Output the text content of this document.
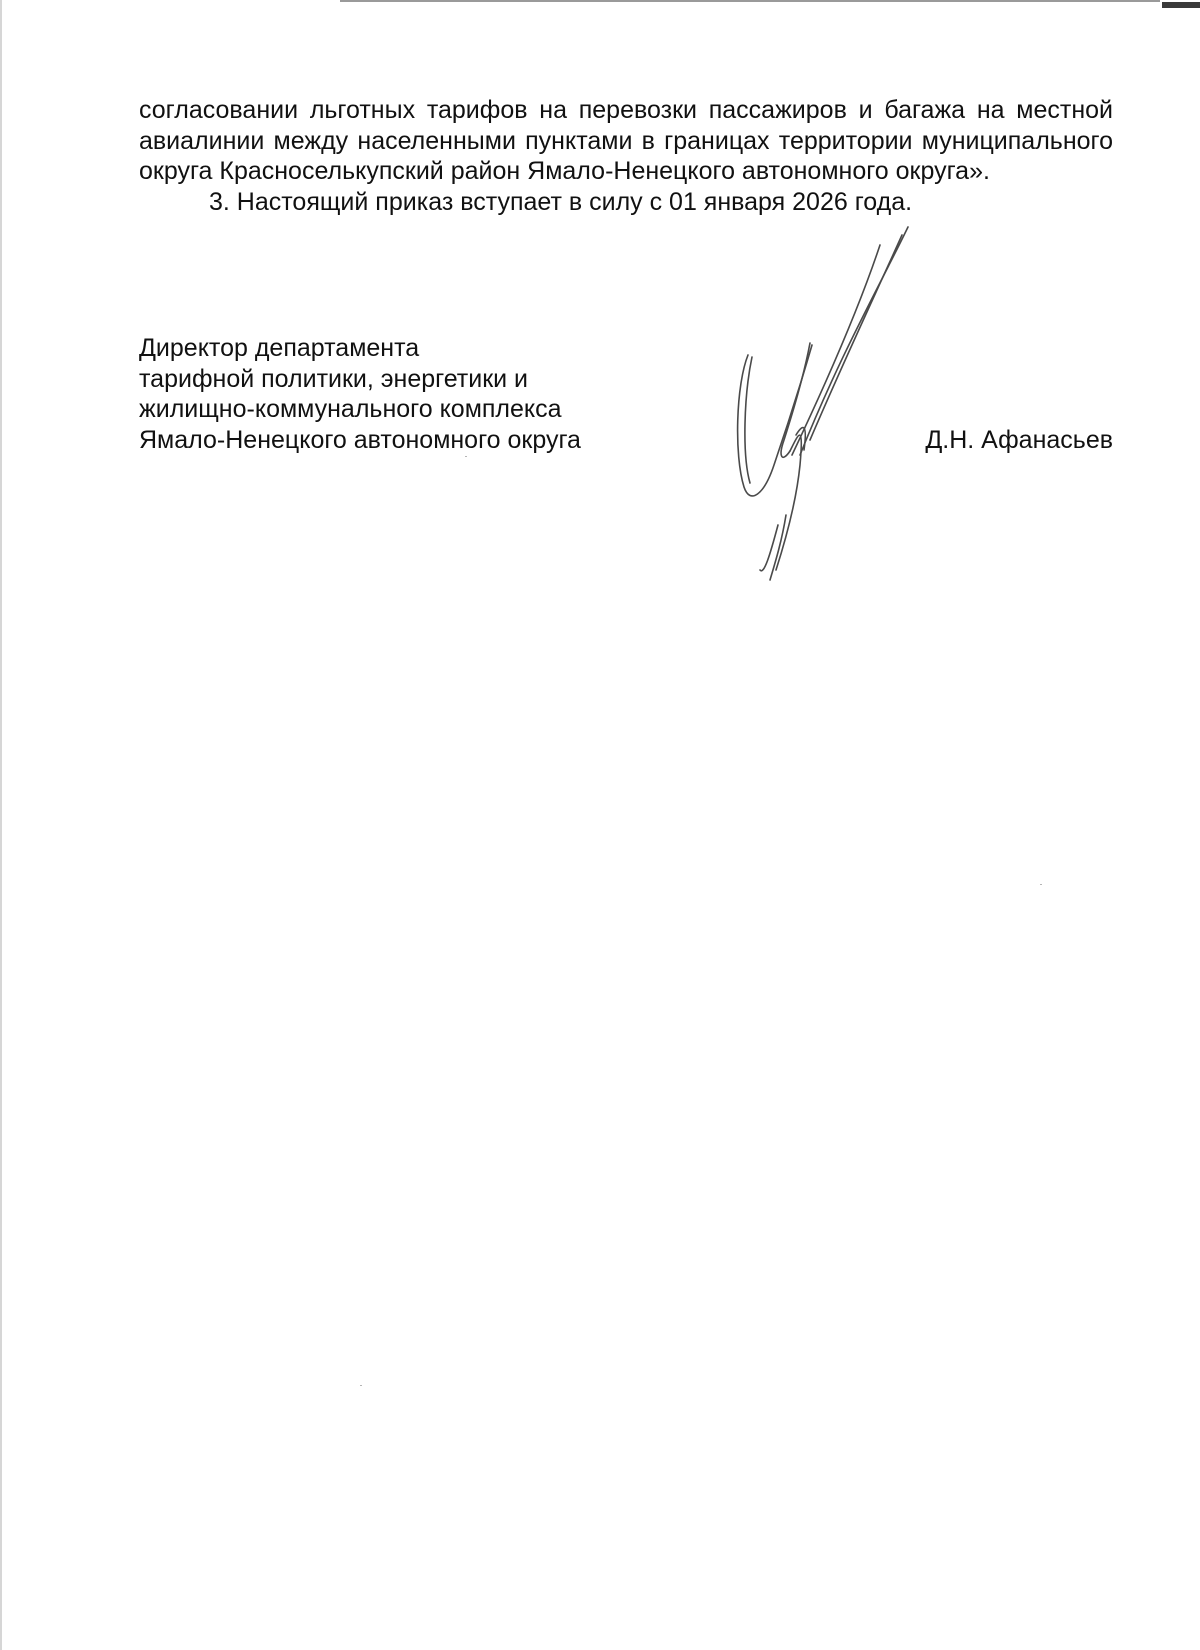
согласовании льготных тарифов на перевозки пассажиров и багажа на местной авиалинии между населенными пунктами в границах территории муниципального округа Красноселькупский район Ямало-Ненецкого автономного округа».

3. Настоящий приказ вступает в силу с 01 января 2026 года.

Директор департамента
тарифной политики, энергетики и
жилищно-коммунального комплекса
Ямало-Ненецкого автономного округа	Д.Н. Афанасьев
